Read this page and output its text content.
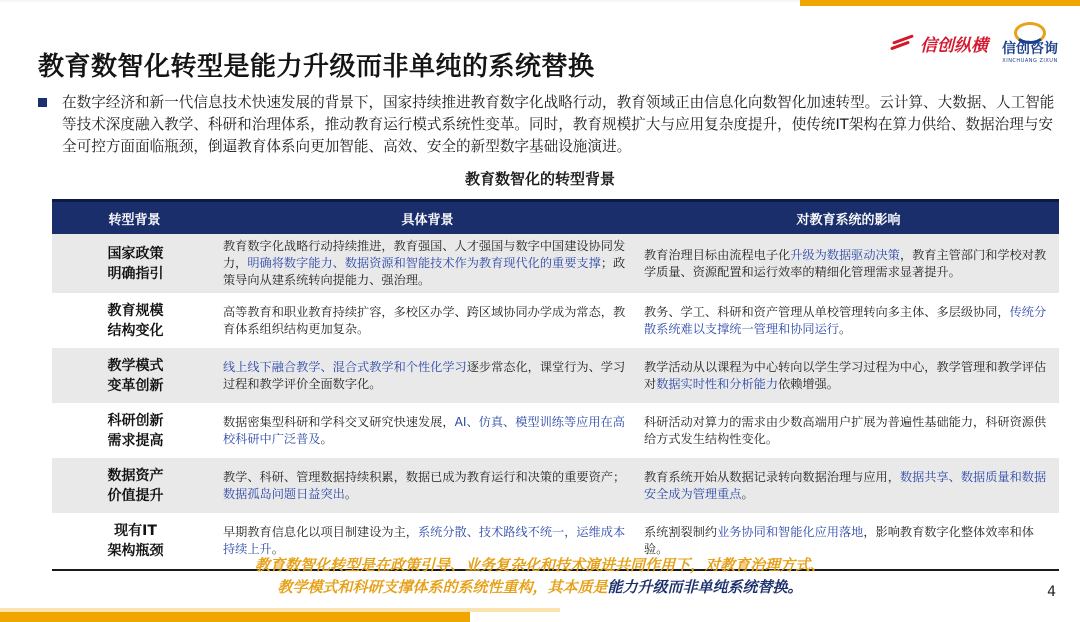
教育数智化转型是能力升级而非单纯的系统替换
信创纵横 信创咨询
XINCHUANG ZIXUN
在数字经济和新一代信息技术快速发展的背景下，国家持续推进教育数字化战略行动，教育领域正由信息化向数智化加速转型。云计算、大数据、人工智能等技术深度融入教学、科研和治理体系，推动教育运行模式系统性变革。同时，教育规模扩大与应用复杂度提升，使传统IT架构在算力供给、数据治理与安全可控方面面临瓶颈，倒逼教育体系向更加智能、高效、安全的新型数字基础设施演进。
教育数智化的转型背景
转型背景	具体背景	对教育系统的影响

国家政策
明确指引	教育数字化战略行动持续推进，教育强国、人才强国与数字中国建设协同发力，明确将数字能力、数据资源和智能技术作为教育现代化的重要支撑；政策导向从建系统转向提能力、强治理。	教育治理目标由流程电子化升级为数据驱动决策，教育主管部门和学校对教学质量、资源配置和运行效率的精细化管理需求显著提升。

教育规模
结构变化	高等教育和职业教育持续扩容，多校区办学、跨区域协同办学成为常态，教育体系组织结构更加复杂。	教务、学工、科研和资产管理从单校管理转向多主体、多层级协同，传统分散系统难以支撑统一管理和协同运行。

教学模式
变革创新	线上线下融合教学、混合式教学和个性化学习逐步常态化，课堂行为、学习过程和教学评价全面数字化。	教学活动从以课程为中心转向以学生学习过程为中心，教学管理和教学评估对数据实时性和分析能力依赖增强。

科研创新
需求提高	数据密集型科研和学科交叉研究快速发展，AI、仿真、模型训练等应用在高校科研中广泛普及。	科研活动对算力的需求由少数高端用户扩展为普遍性基础能力，科研资源供给方式发生结构性变化。

数据资产
价值提升	教学、科研、管理数据持续积累，数据已成为教育运行和决策的重要资产；数据孤岛问题日益突出。	教育系统开始从数据记录转向数据治理与应用，数据共享、数据质量和数据安全成为管理重点。

现有IT
架构瓶颈	早期教育信息化以项目制建设为主，系统分散、技术路线不统一，运维成本持续上升。	系统割裂制约业务协同和智能化应用落地，影响教育数字化整体效率和体验。
教育数智化转型是在政策引导、业务复杂化和技术演进共同作用下，对教育治理方式、
教学模式和科研支撑体系的系统性重构，其本质是能力升级而非单纯系统替换。	4
